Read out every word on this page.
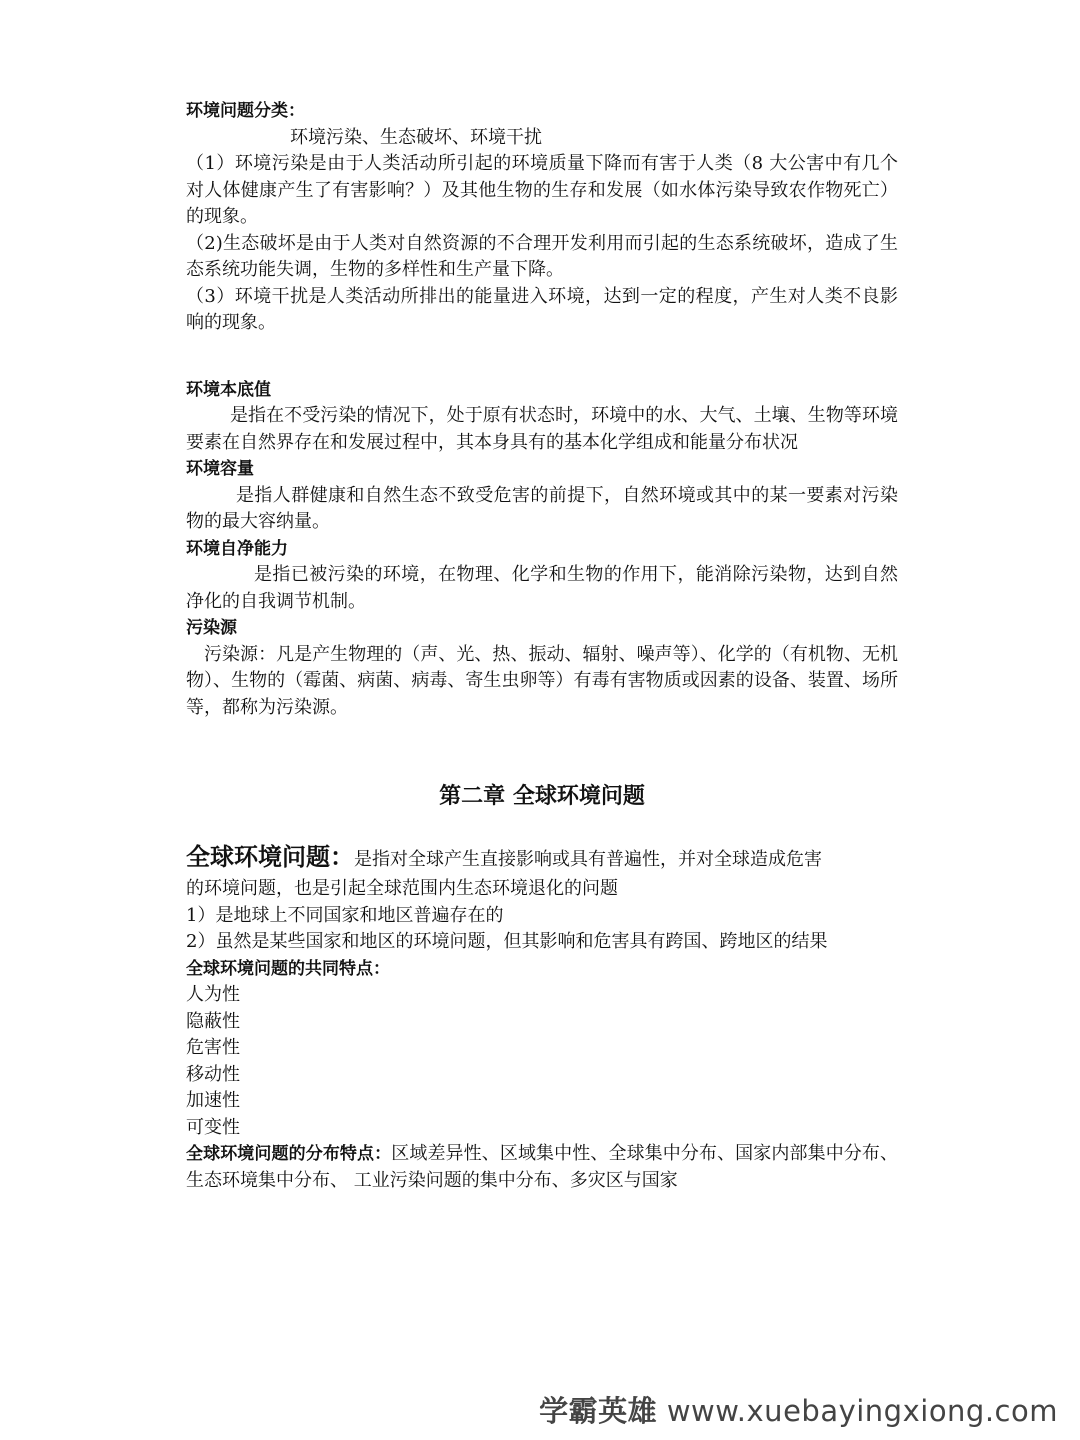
环境问题分类：

环境污染、生态破坏、环境干扰

（1）环境污染是由于人类活动所引起的环境质量下降而有害于人类（8 大公害中有几个对人体健康产生了有害影响？）及其他生物的生存和发展（如水体污染导致农作物死亡）的现象。

（2)生态破坏是由于人类对自然资源的不合理开发利用而引起的生态系统破坏，造成了生态系统功能失调，生物的多样性和生产量下降。

（3）环境干扰是人类活动所排出的能量进入环境，达到一定的程度，产生对人类不良影响的现象。

环境本底值

是指在不受污染的情况下，处于原有状态时，环境中的水、大气、土壤、生物等环境要素在自然界存在和发展过程中，其本身具有的基本化学组成和能量分布状况

环境容量

是指人群健康和自然生态不致受危害的前提下，自然环境或其中的某一要素对污染物的最大容纳量。

环境自净能力

是指已被污染的环境，在物理、化学和生物的作用下，能消除污染物，达到自然净化的自我调节机制。

污染源

污染源：凡是产生物理的（声、光、热、振动、辐射、噪声等）、化学的（有机物、无机物）、生物的（霉菌、病菌、病毒、寄生虫卵等）有毒有害物质或因素的设备、装置、场所等，都称为污染源。

第二章 全球环境问题

全球环境问题：是指对全球产生直接影响或具有普遍性，并对全球造成危害

的环境问题，也是引起全球范围内生态环境退化的问题

1）是地球上不同国家和地区普遍存在的

2）虽然是某些国家和地区的环境问题，但其影响和危害具有跨国、跨地区的结果

全球环境问题的共同特点：

人为性

隐蔽性

危害性

移动性

加速性

可变性

全球环境问题的分布特点：区域差异性、区域集中性、全球集中分布、国家内部集中分布、 生态环境集中分布、 工业污染问题的集中分布、多灾区与国家

学霸英雄 www.xuebayingxiong.com
